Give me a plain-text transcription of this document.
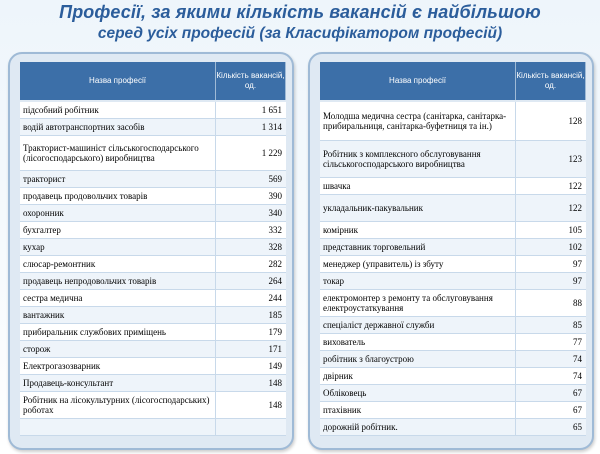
Професії, за якими кількість вакансій є найбільшою
серед усіх професій (за Класифікатором професій)
Назва професії
Кількість вакансій, од.
підсобний робітник	1 651
водій автотранспортних засобів	1 314
Тракторист-машиніст сільськогосподарського (лісогосподарського) виробництва	1 229
тракторист	569
продавець продовольчих товарів	390
охоронник	340
бухгалтер	332
кухар	328
слюсар-ремонтник	282
продавець непродовольчих товарів	264
сестра медична	244
вантажник	185
прибиральник службових приміщень	179
сторож	171
Електрогазозварник	149
Продавець-консультант	148
Робітник на лісокультурних (лісогосподарських) роботах	148
Назва професії
Кількість вакансій, од.
Молодша медична сестра (санітарка, санітарка-прибиральниця, санітарка-буфетниця та ін.)	128
Робітник з комплексного обслуговування сільськогосподарського виробництва	123
швачка	122
укладальник-пакувальник	122
комірник	105
представник торговельний	102
менеджер (управитель) із збуту	97
токар	97
електромонтер з ремонту та обслуговування електроустаткування	88
спеціаліст державної служби	85
вихователь	77
робітник з благоустрою	74
двірник	74
Обліковець	67
птахівник	67
дорожній робітник.	65
